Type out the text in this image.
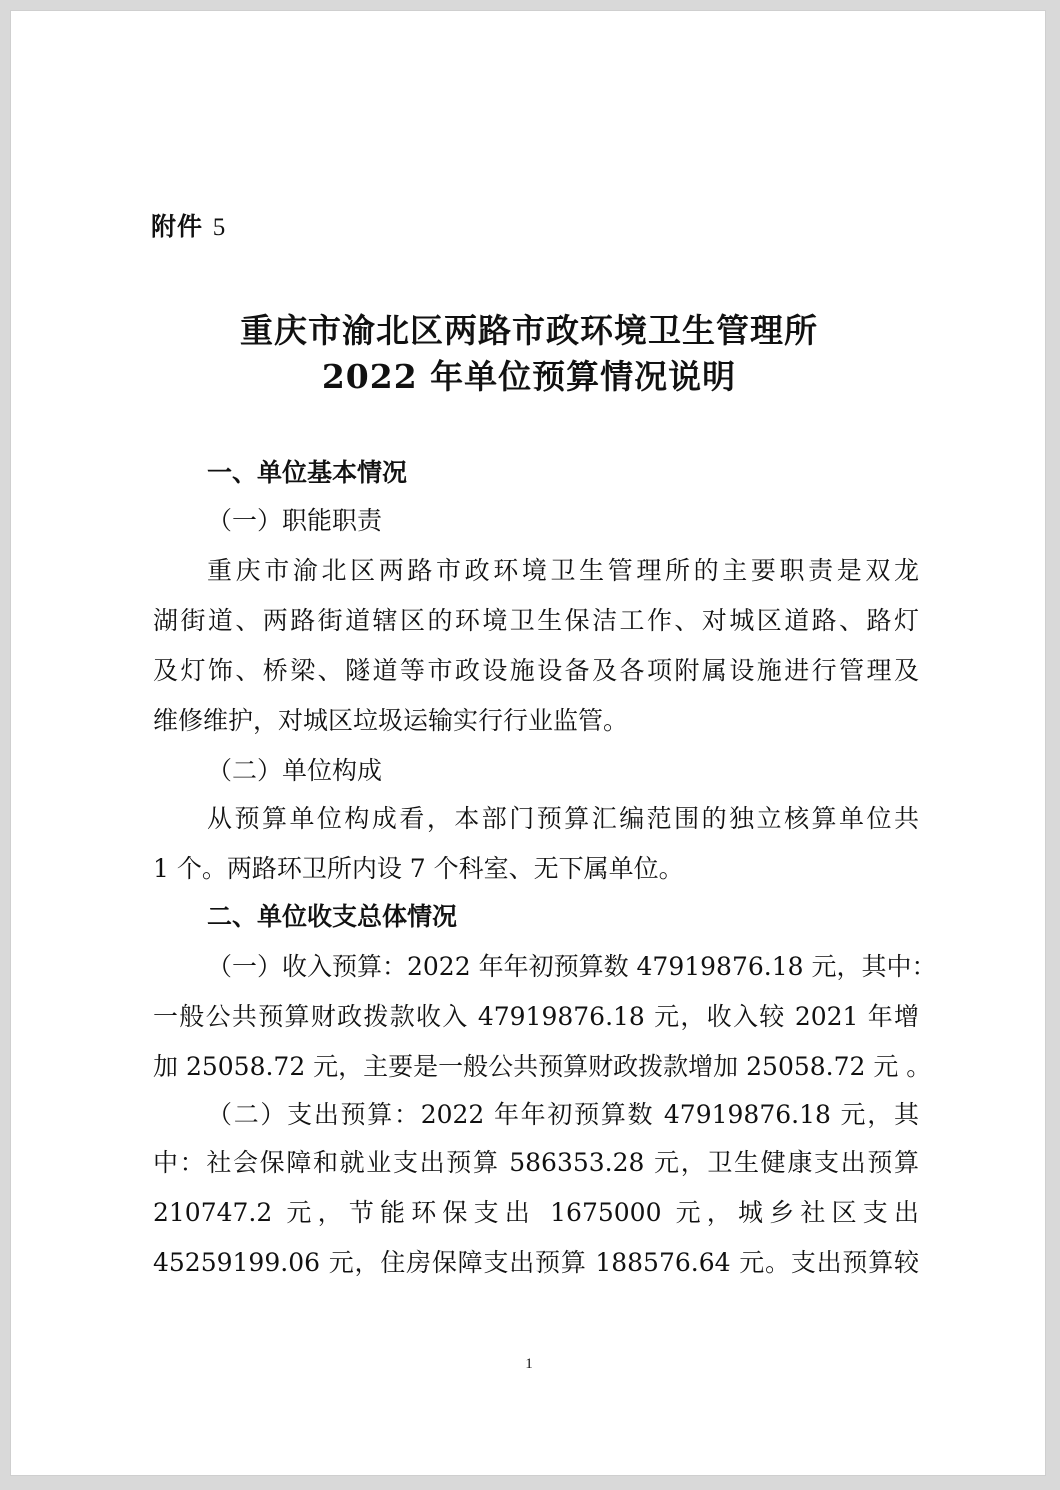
附件 5
重庆市渝北区两路市政环境卫生管理所
2022 年单位预算情况说明
一、单位基本情况
（一）职能职责
重庆市渝北区两路市政环境卫生管理所的主要职责是双龙
湖街道、两路街道辖区的环境卫生保洁工作、对城区道路、路灯
及灯饰、桥梁、隧道等市政设施设备及各项附属设施进行管理及
维修维护，对城区垃圾运输实行行业监管。
（二）单位构成
从预算单位构成看，本部门预算汇编范围的独立核算单位共
1 个。两路环卫所内设 7 个科室、无下属单位。
二、单位收支总体情况
（一）收入预算：2022 年年初预算数 47919876.18 元，其中：
一般公共预算财政拨款收入 47919876.18 元，收入较 2021 年增
加 25058.72 元，主要是一般公共预算财政拨款增加 25058.72 元 。
（二）支出预算：2022 年年初预算数 47919876.18 元，其
中：社会保障和就业支出预算 586353.28 元，卫生健康支出预算
210747.2 元，节能环保支出 1675000 元，城乡社区支出
45259199.06 元，住房保障支出预算 188576.64 元。支出预算较
1
